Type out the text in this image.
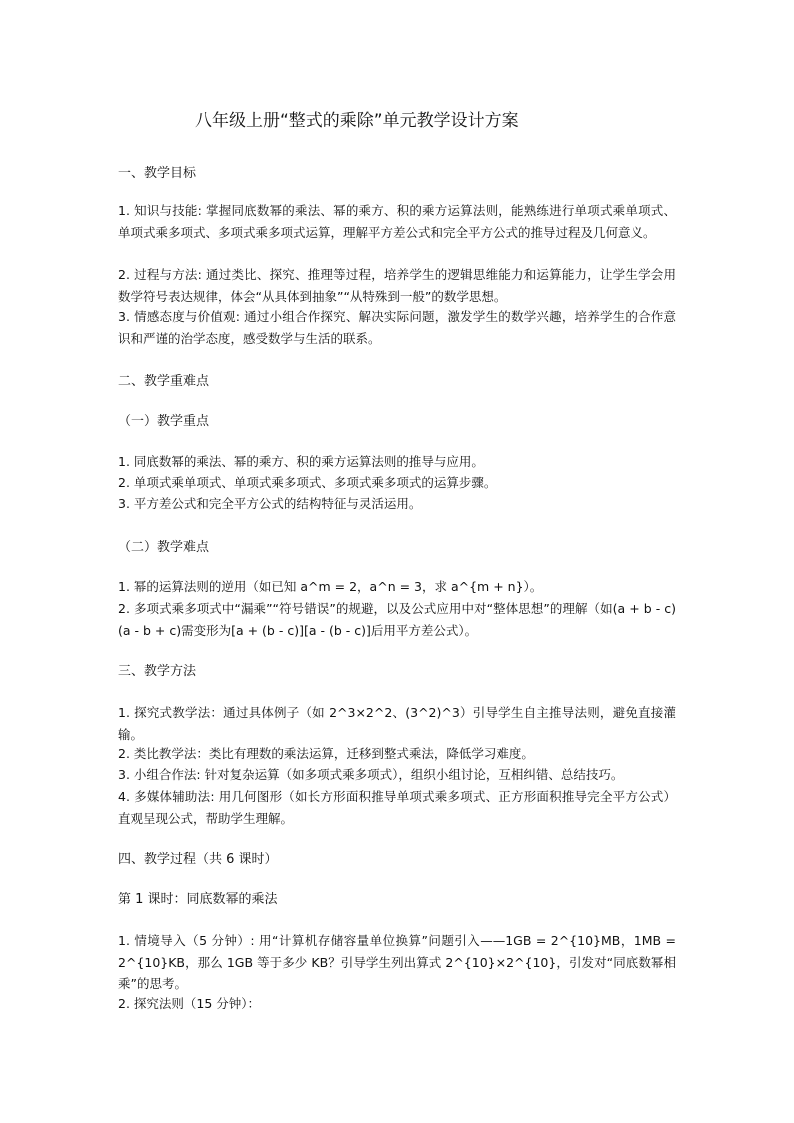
八年级上册“整式的乘除”单元教学设计方案
一、教学目标
1. 知识与技能: 掌握同底数幂的乘法、幂的乘方、积的乘方运算法则，能熟练进行单项式乘单项式、单项式乘多项式、多项式乘多项式运算，理解平方差公式和完全平方公式的推导过程及几何意义。
2. 过程与方法: 通过类比、探究、推理等过程，培养学生的逻辑思维能力和运算能力，让学生学会用数学符号表达规律，体会“从具体到抽象”“从特殊到一般”的数学思想。
3. 情感态度与价值观: 通过小组合作探究、解决实际问题，激发学生的数学兴趣，培养学生的合作意识和严谨的治学态度，感受数学与生活的联系。
二、教学重难点
（一）教学重点
1. 同底数幂的乘法、幂的乘方、积的乘方运算法则的推导与应用。
2. 单项式乘单项式、单项式乘多项式、多项式乘多项式的运算步骤。
3. 平方差公式和完全平方公式的结构特征与灵活运用。
（二）教学难点
1. 幂的运算法则的逆用（如已知 a^m = 2，a^n = 3，求 a^{m + n}）。
2. 多项式乘多项式中“漏乘”“符号错误”的规避，以及公式应用中对“整体思想”的理解（如(a + b - c)(a - b + c)需变形为[a + (b - c)][a - (b - c)]后用平方差公式）。
三、教学方法
1. 探究式教学法：通过具体例子（如 2^3×2^2、(3^2)^3）引导学生自主推导法则，避免直接灌输。
2. 类比教学法：类比有理数的乘法运算，迁移到整式乘法，降低学习难度。
3. 小组合作法: 针对复杂运算（如多项式乘多项式），组织小组讨论，互相纠错、总结技巧。
4. 多媒体辅助法: 用几何图形（如长方形面积推导单项式乘多项式、正方形面积推导完全平方公式）直观呈现公式，帮助学生理解。
四、教学过程（共 6 课时）
第 1 课时：同底数幂的乘法
1. 情境导入（5 分钟）: 用“计算机存储容量单位换算”问题引入——1GB = 2^{10}MB，1MB = 2^{10}KB，那么 1GB 等于多少 KB？引导学生列出算式 2^{10}×2^{10}，引发对“同底数幂相乘”的思考。
2. 探究法则（15 分钟）：
